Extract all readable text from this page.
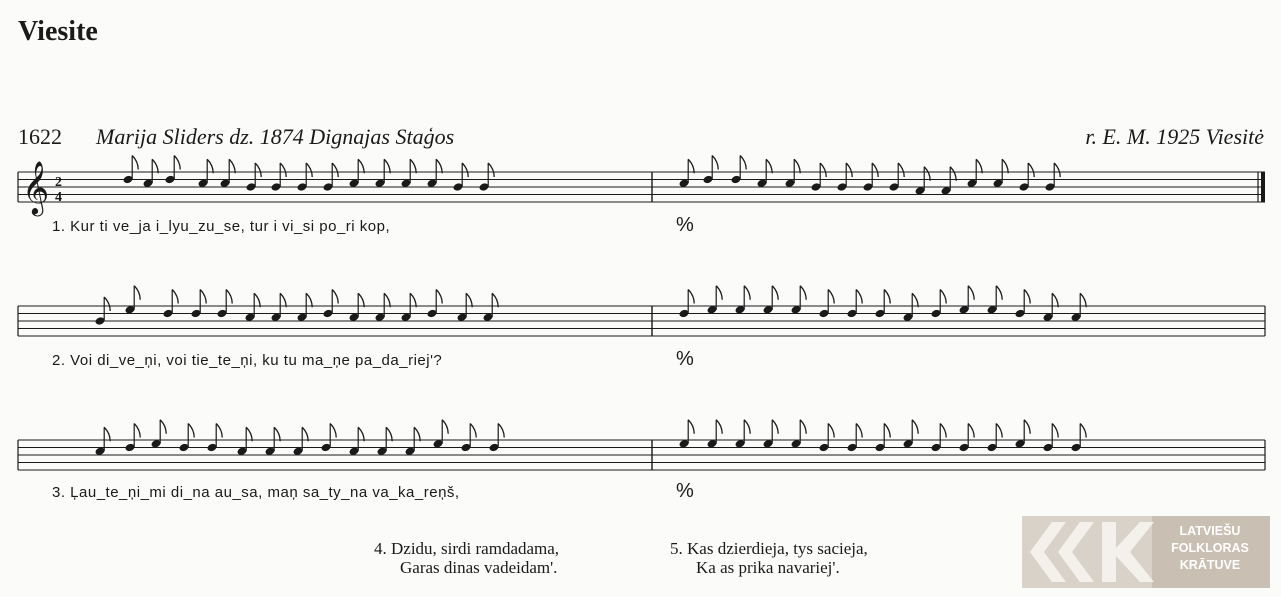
Viesite
1622 Marija Sliders dz. 1874 Dignajas Staģos	r. E. M. 1925 Viesitė
𝄞 2
4
1. Kur ti ve_ja i_lyu_zu_se, tur i vi_si po_ri kop,	%
2. Voi di_ve_ņi, voi tie_te_ņi, ku tu ma_ņe pa_da_riej'?	%
3. Ļau_te_ņi_mi di_na au_sa, maņ sa_ty_na va_ka_reņš,	%
4. Dzidu, sirdi ramdadama,
Garas dinas vadeidam'.
5. Kas dzierdieja, tys sacieja,
Ka as prika navariej'.
LATVIEŠU
FOLKLORAS
KRĀTUVE
